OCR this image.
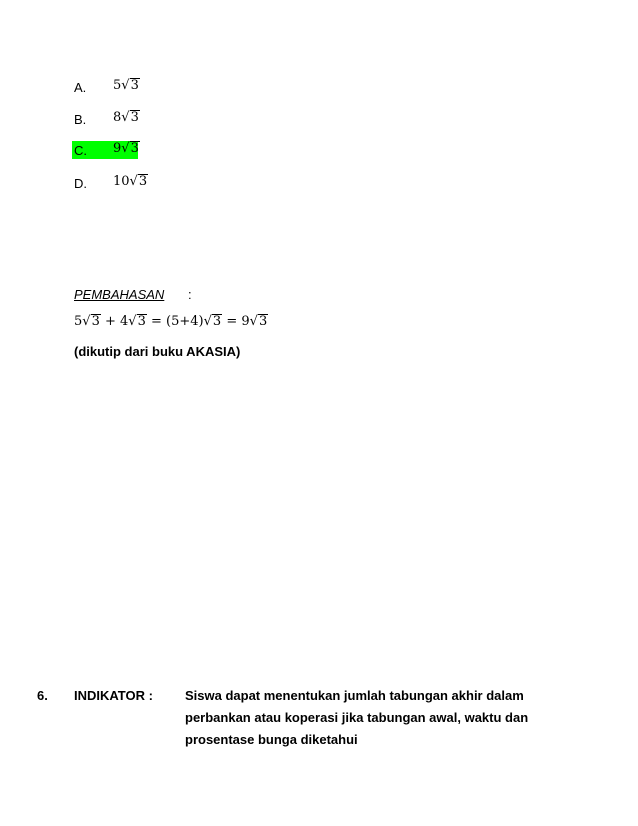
A. 5√3
B. 8√3
C. 9√3
D. 10√3
PEMBAHASAN :
5√3 + 4√3 = (5+4)√3 = 9√3
(dikutip dari buku AKASIA)
6. INDIKATOR : Siswa dapat menentukan jumlah tabungan akhir dalam
perbankan atau koperasi jika tabungan awal, waktu dan
prosentase bunga diketahui
